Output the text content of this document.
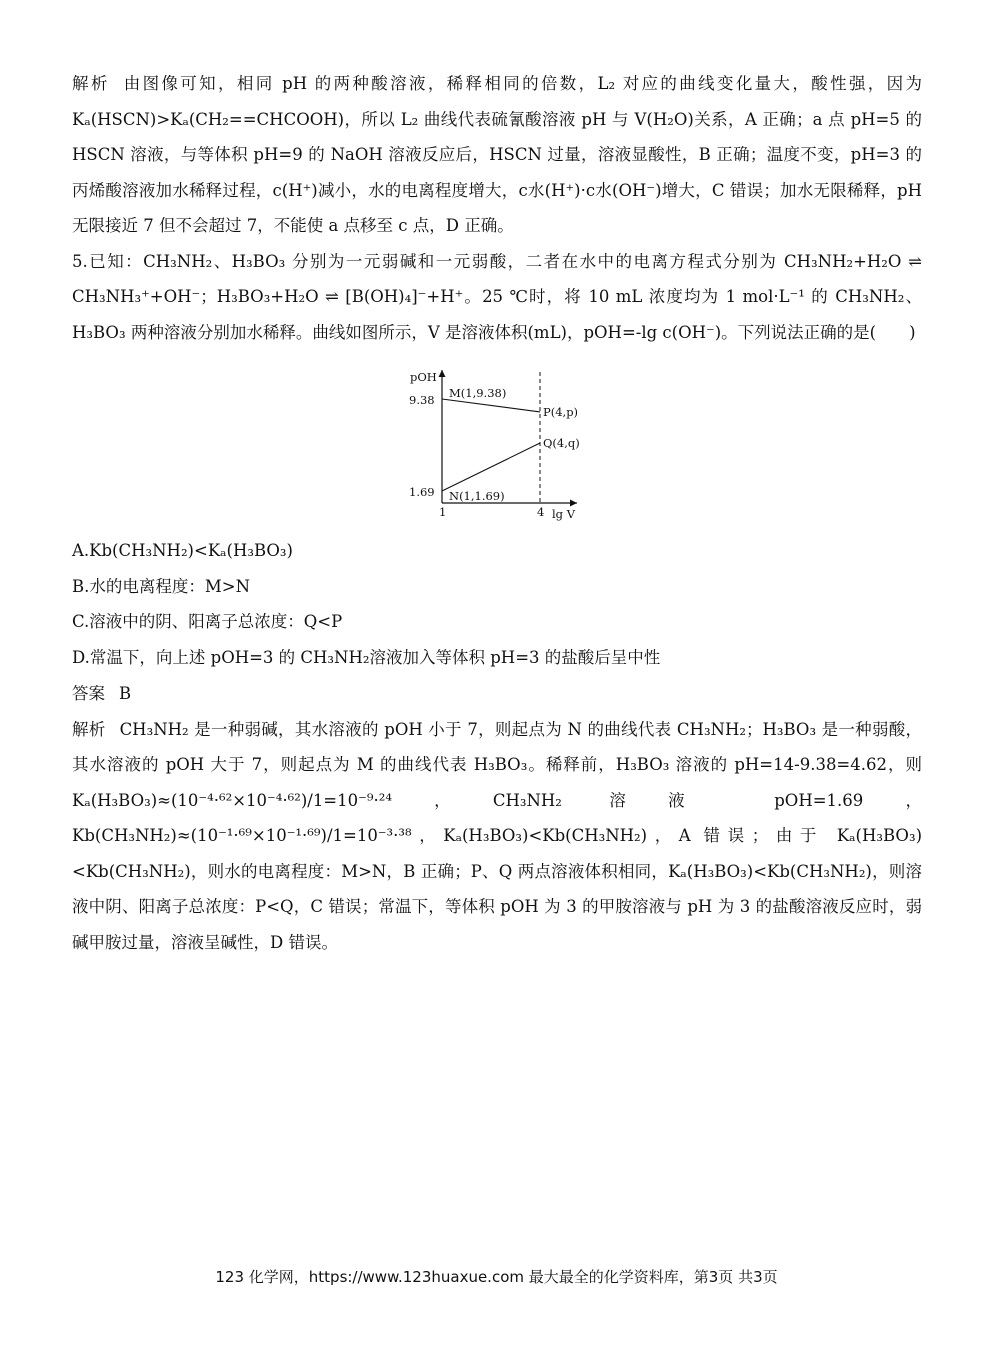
解析 由图像可知，相同 pH 的两种酸溶液，稀释相同的倍数，L₂ 对应的曲线变化量大，酸性强，因为 Kₐ(HSCN)>Kₐ(CH₂==CHCOOH)，所以 L₂ 曲线代表硫氰酸溶液 pH 与 V(H₂O)关系，A 正确；a 点 pH=5 的 HSCN 溶液，与等体积 pH=9 的 NaOH 溶液反应后，HSCN 过量，溶液显酸性，B 正确；温度不变，pH=3 的丙烯酸溶液加水稀释过程，c(H⁺)减小，水的电离程度增大，c水(H⁺)·c水(OH⁻)增大，C 错误；加水无限稀释，pH 无限接近 7 但不会超过 7，不能使 a 点移至 c 点，D 正确。

5.已知：CH₃NH₂、H₃BO₃ 分别为一元弱碱和一元弱酸，二者在水中的电离方程式分别为 CH₃NH₂+H₂O ⇌ CH₃NH₃⁺+OH⁻；H₃BO₃+H₂O ⇌ [B(OH)₄]⁻+H⁺。25 ℃时，将 10 mL 浓度均为 1 mol·L⁻¹ 的 CH₃NH₂、H₃BO₃ 两种溶液分别加水稀释。曲线如图所示，V 是溶液体积(mL)，pOH=-lg c(OH⁻)。下列说法正确的是(　　)

pOH
lg V
1	4
9.38
1.69
M(1,9.38)
P(4,p)
N(1,1.69)
Q(4,q)

A.Kb(CH₃NH₂)<Kₐ(H₃BO₃)

B.水的电离程度：M>N

C.溶液中的阴、阳离子总浓度：Q<P

D.常温下，向上述 pOH=3 的 CH₃NH₂溶液加入等体积 pH=3 的盐酸后呈中性

答案 B

解析 CH₃NH₂ 是一种弱碱，其水溶液的 pOH 小于 7，则起点为 N 的曲线代表 CH₃NH₂；H₃BO₃ 是一种弱酸，其水溶液的 pOH 大于 7，则起点为 M 的曲线代表 H₃BO₃。稀释前，H₃BO₃ 溶液的 pH=14-9.38=4.62，则 Kₐ(H₃BO₃)≈(10⁻⁴·⁶²×10⁻⁴·⁶²)/1=10⁻⁹·²⁴，CH₃NH₂ 溶液 pOH=1.69，Kb(CH₃NH₂)≈(10⁻¹·⁶⁹×10⁻¹·⁶⁹)/1=10⁻³·³⁸，Kₐ(H₃BO₃)<Kb(CH₃NH₂)，A 错误；由于 Kₐ(H₃BO₃)<Kb(CH₃NH₂)，则水的电离程度：M>N，B 正确；P、Q 两点溶液体积相同，Kₐ(H₃BO₃)<Kb(CH₃NH₂)，则溶液中阴、阳离子总浓度：P<Q，C 错误；常温下，等体积 pOH 为 3 的甲胺溶液与 pH 为 3 的盐酸溶液反应时，弱碱甲胺过量，溶液呈碱性，D 错误。

123 化学网，https://www.123huaxue.com 最大最全的化学资料库，第3页 共3页
